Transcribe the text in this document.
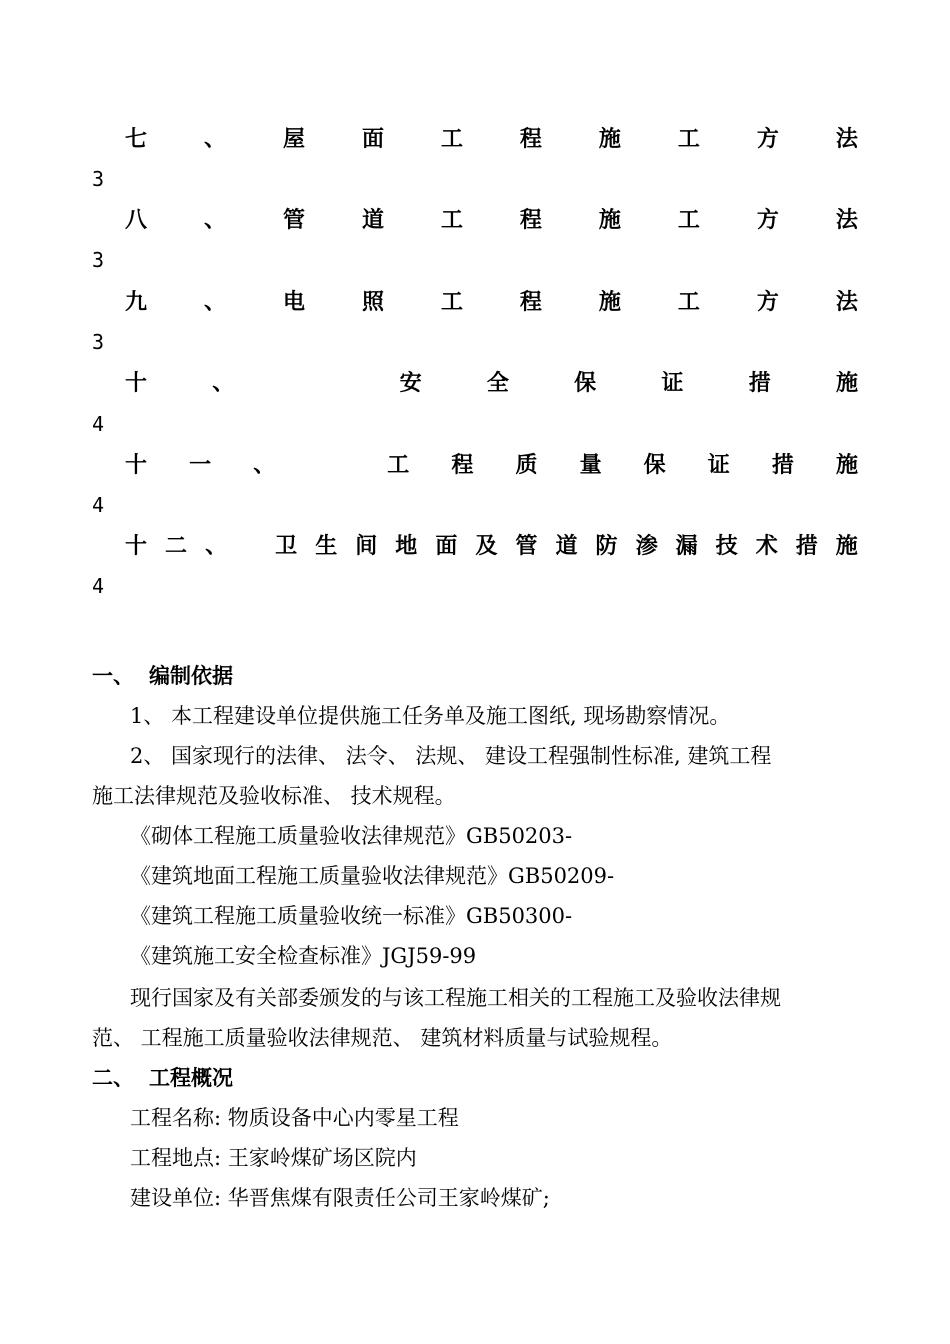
七	、	屋	面	工	程	施	工	方	法
3
八	、	管	道	工	程	施	工	方	法
3
九	、	电	照	工	程	施	工	方	法
3
十	、	安	全	保	证	措	施
4
十 一 、	工 程 质 量 保 证 措 施
4
十 二 、 卫 生 间 地 面 及 管 道 防 渗 漏 技 术 措 施
4
一、 编制依据
1、 本工程建设单位提供施工任务单及施工图纸, 现场勘察情况。
2、 国家现行的法律、 法令、 法规、 建设工程强制性标准, 建筑工程
施工法律规范及验收标准、 技术规程。
《砌体工程施工质量验收法律规范》GB50203-
《建筑地面工程施工质量验收法律规范》GB50209-
《建筑工程施工质量验收统一标准》GB50300-
《建筑施工安全检查标准》JGJ59-99
现行国家及有关部委颁发的与该工程施工相关的工程施工及验收法律规
范、 工程施工质量验收法律规范、 建筑材料质量与试验规程。
二、 工程概况
工程名称: 物质设备中心内零星工程
工程地点: 王家岭煤矿场区院内
建设单位: 华晋焦煤有限责任公司王家岭煤矿;
